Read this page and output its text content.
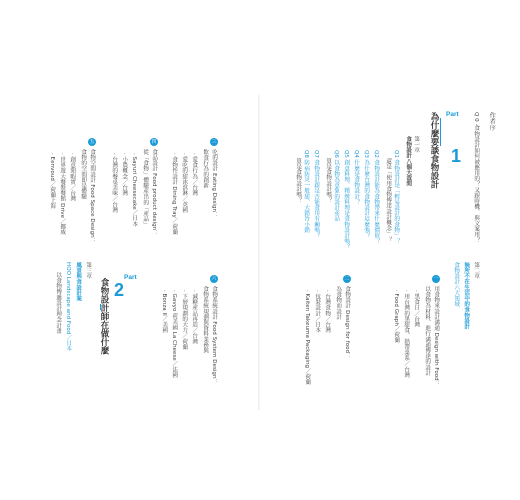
作者序
Q 0 ·食物設計如何被應用的？又跟時機、與文案用？
Part
1
為什麼要談食物設計
第一章
食物設計八個大哉問
Q1 食物設計是「輕易設計的食物」？
還是「使用食物傳達設計概念」？
Q2 食物設計能為食物帶來什麼價值？
Q3 為什麼台灣的食物設計這麼強？
Q4 什麼是食物設計？
Q5 創意料理、精緻料理是食物設計嗎？
Q6 以食物為意象的設計產品
算是食物設計嗎？
Q7 食物設計跟是否能食用有關嗎？
Q8 防病防災一般甜、大錯旨小錯
算是食物設計嗎？
第二章
無所不在生活中的食物設計
食物設計六大領域
一
用食物來設計溝通 Design with Food：
以食物為材料、進行溝通傳達的設計
‧ 黑食日／台灣
‧ 用台灣的黑甜食、熱帶菜系／台灣
‧ Food Graph／荷蘭
二
食物設計 Design for food：
為食物而設計
‧ 台灣食物／台灣
‧ 包裝設計／日本
‧ Kaiten Takeuma Packaging／荷蘭
三
吃的設計 Eating Design：
飲食行為的創新
‧ 愛食行為／台灣
‧ 愛吃的甜冰淇淋／英國
‧ 食物性設計 Dining Tray／荷蘭
四
食品設計 Food product design：
從「食物」體驗產出的「產品」
‧ Sayuri Cheesecake／日本
‧ 小農概念／台灣
‧ 台灣的餐桌美味／台灣
五
食物空間設計 Food Space Design：
食物的空間即是體驗
‧ 創意閒暇實／台灣
‧ 世界遊大餐盤餐館 Drive／挪威
‧ Eenvoud／荷蘭上海
六
食物系統設計 Food System Design：
食物系統規劃與資料業務與
‧ 減糖產品再造／台灣
‧ 下層規劃的大力／荷蘭
‧ Gavyo 荷美國 La Cheese／法國
‧ Bonza II／美國
Part
2
食物設計師在做什麼
第三章
風景與食設計案
HOO Landscape and Food／日本
以食物傳遞設計理念計畫
